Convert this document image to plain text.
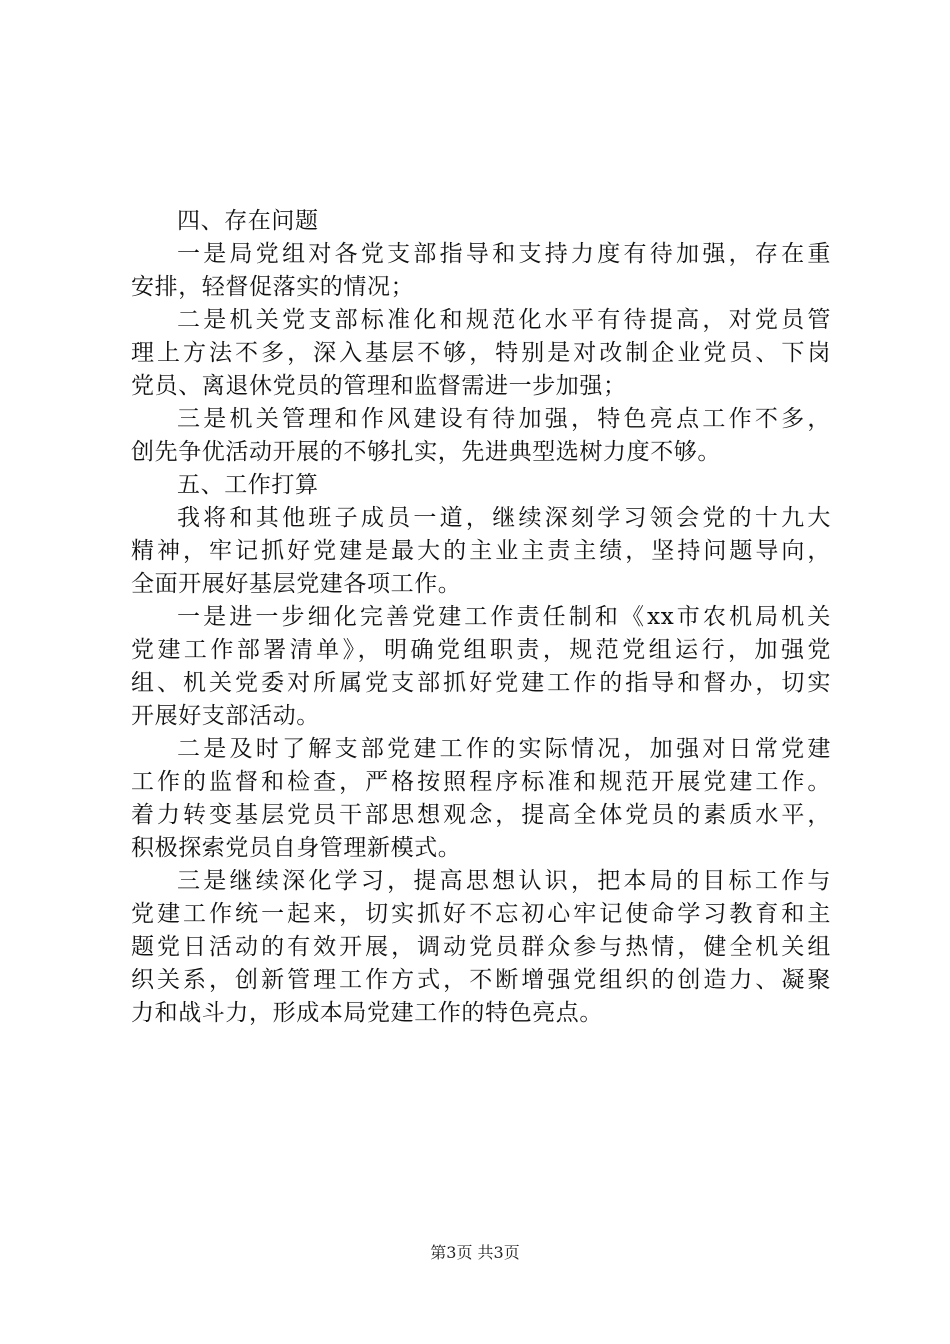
四、存在问题
一是局党组对各党支部指导和支持力度有待加强，存在重
安排，轻督促落实的情况；
二是机关党支部标准化和规范化水平有待提高，对党员管
理上方法不多，深入基层不够，特别是对改制企业党员、下岗
党员、离退休党员的管理和监督需进一步加强；
三是机关管理和作风建设有待加强，特色亮点工作不多，
创先争优活动开展的不够扎实，先进典型选树力度不够。
五、工作打算
我将和其他班子成员一道，继续深刻学习领会党的十九大
精神，牢记抓好党建是最大的主业主责主绩，坚持问题导向，
全面开展好基层党建各项工作。
一是进一步细化完善党建工作责任制和《xx市农机局机关
党建工作部署清单》，明确党组职责，规范党组运行，加强党
组、机关党委对所属党支部抓好党建工作的指导和督办，切实
开展好支部活动。
二是及时了解支部党建工作的实际情况，加强对日常党建
工作的监督和检查，严格按照程序标准和规范开展党建工作。
着力转变基层党员干部思想观念，提高全体党员的素质水平，
积极探索党员自身管理新模式。
三是继续深化学习，提高思想认识，把本局的目标工作与
党建工作统一起来，切实抓好不忘初心牢记使命学习教育和主
题党日活动的有效开展，调动党员群众参与热情，健全机关组
织关系，创新管理工作方式，不断增强党组织的创造力、凝聚
力和战斗力，形成本局党建工作的特色亮点。
第3页 共3页
